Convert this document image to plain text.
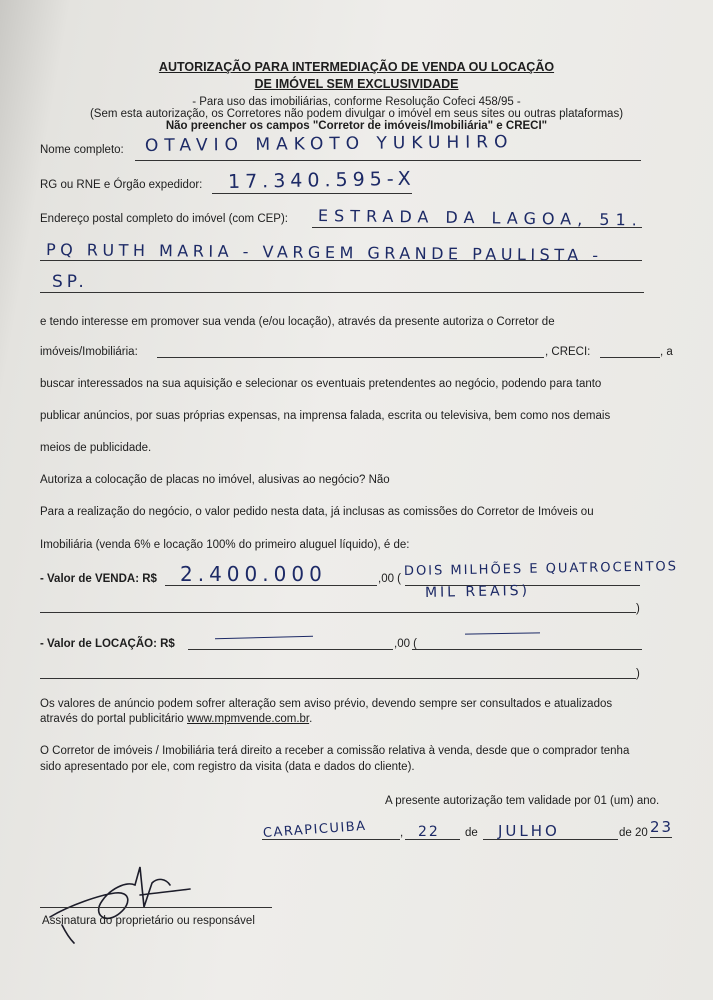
AUTORIZAÇÃO PARA INTERMEDIAÇÃO DE VENDA OU LOCAÇÃO
DE IMÓVEL SEM EXCLUSIVIDADE
- Para uso das imobiliárias, conforme Resolução Cofeci 458/95 -
(Sem esta autorização, os Corretores não podem divulgar o imóvel em seus sites ou outras plataformas)
Não preencher os campos "Corretor de imóveis/Imobiliária" e CRECI"
Nome completo: OTAVIO MAKOTO YUKUHIRO
RG ou RNE e Órgão expedidor: 17.340.595-X
Endereço postal completo do imóvel (com CEP): ESTRADA DA LAGOA, 51.
PQ RUTH MARIA - VARGEM GRANDE PAULISTA -
SP.
e tendo interesse em promover sua venda (e/ou locação), através da presente autoriza o Corretor de
imóveis/Imobiliária:	, CRECI:	, a
buscar interessados na sua aquisição e selecionar os eventuais pretendentes ao negócio, podendo para tanto
publicar anúncios, por suas próprias expensas, na imprensa falada, escrita ou televisiva, bem como nos demais
meios de publicidade.
Autoriza a colocação de placas no imóvel, alusivas ao negócio? Não
Para a realização do negócio, o valor pedido nesta data, já inclusas as comissões do Corretor de Imóveis ou
Imobiliária (venda 6% e locação 100% do primeiro aluguel líquido), é de:
- Valor de VENDA: R$ 2.400.000	,00 (
DOIS MILHÕES E QUATROCENTOS
MIL REAIS)
)
- Valor de LOCAÇÃO: R$	,00 (
)
Os valores de anúncio podem sofrer alteração sem aviso prévio, devendo sempre ser consultados e atualizados
através do portal publicitário www.mpmvende.com.br.
O Corretor de imóveis / Imobiliária terá direito a receber a comissão relativa à venda, desde que o comprador tenha
sido apresentado por ele, com registro da visita (data e dados do cliente).
A presente autorização tem validade por 01 (um) ano.
CARAPICUIBA	, 22 de JULHO	de 20 23
Assinatura do proprietário ou responsável
